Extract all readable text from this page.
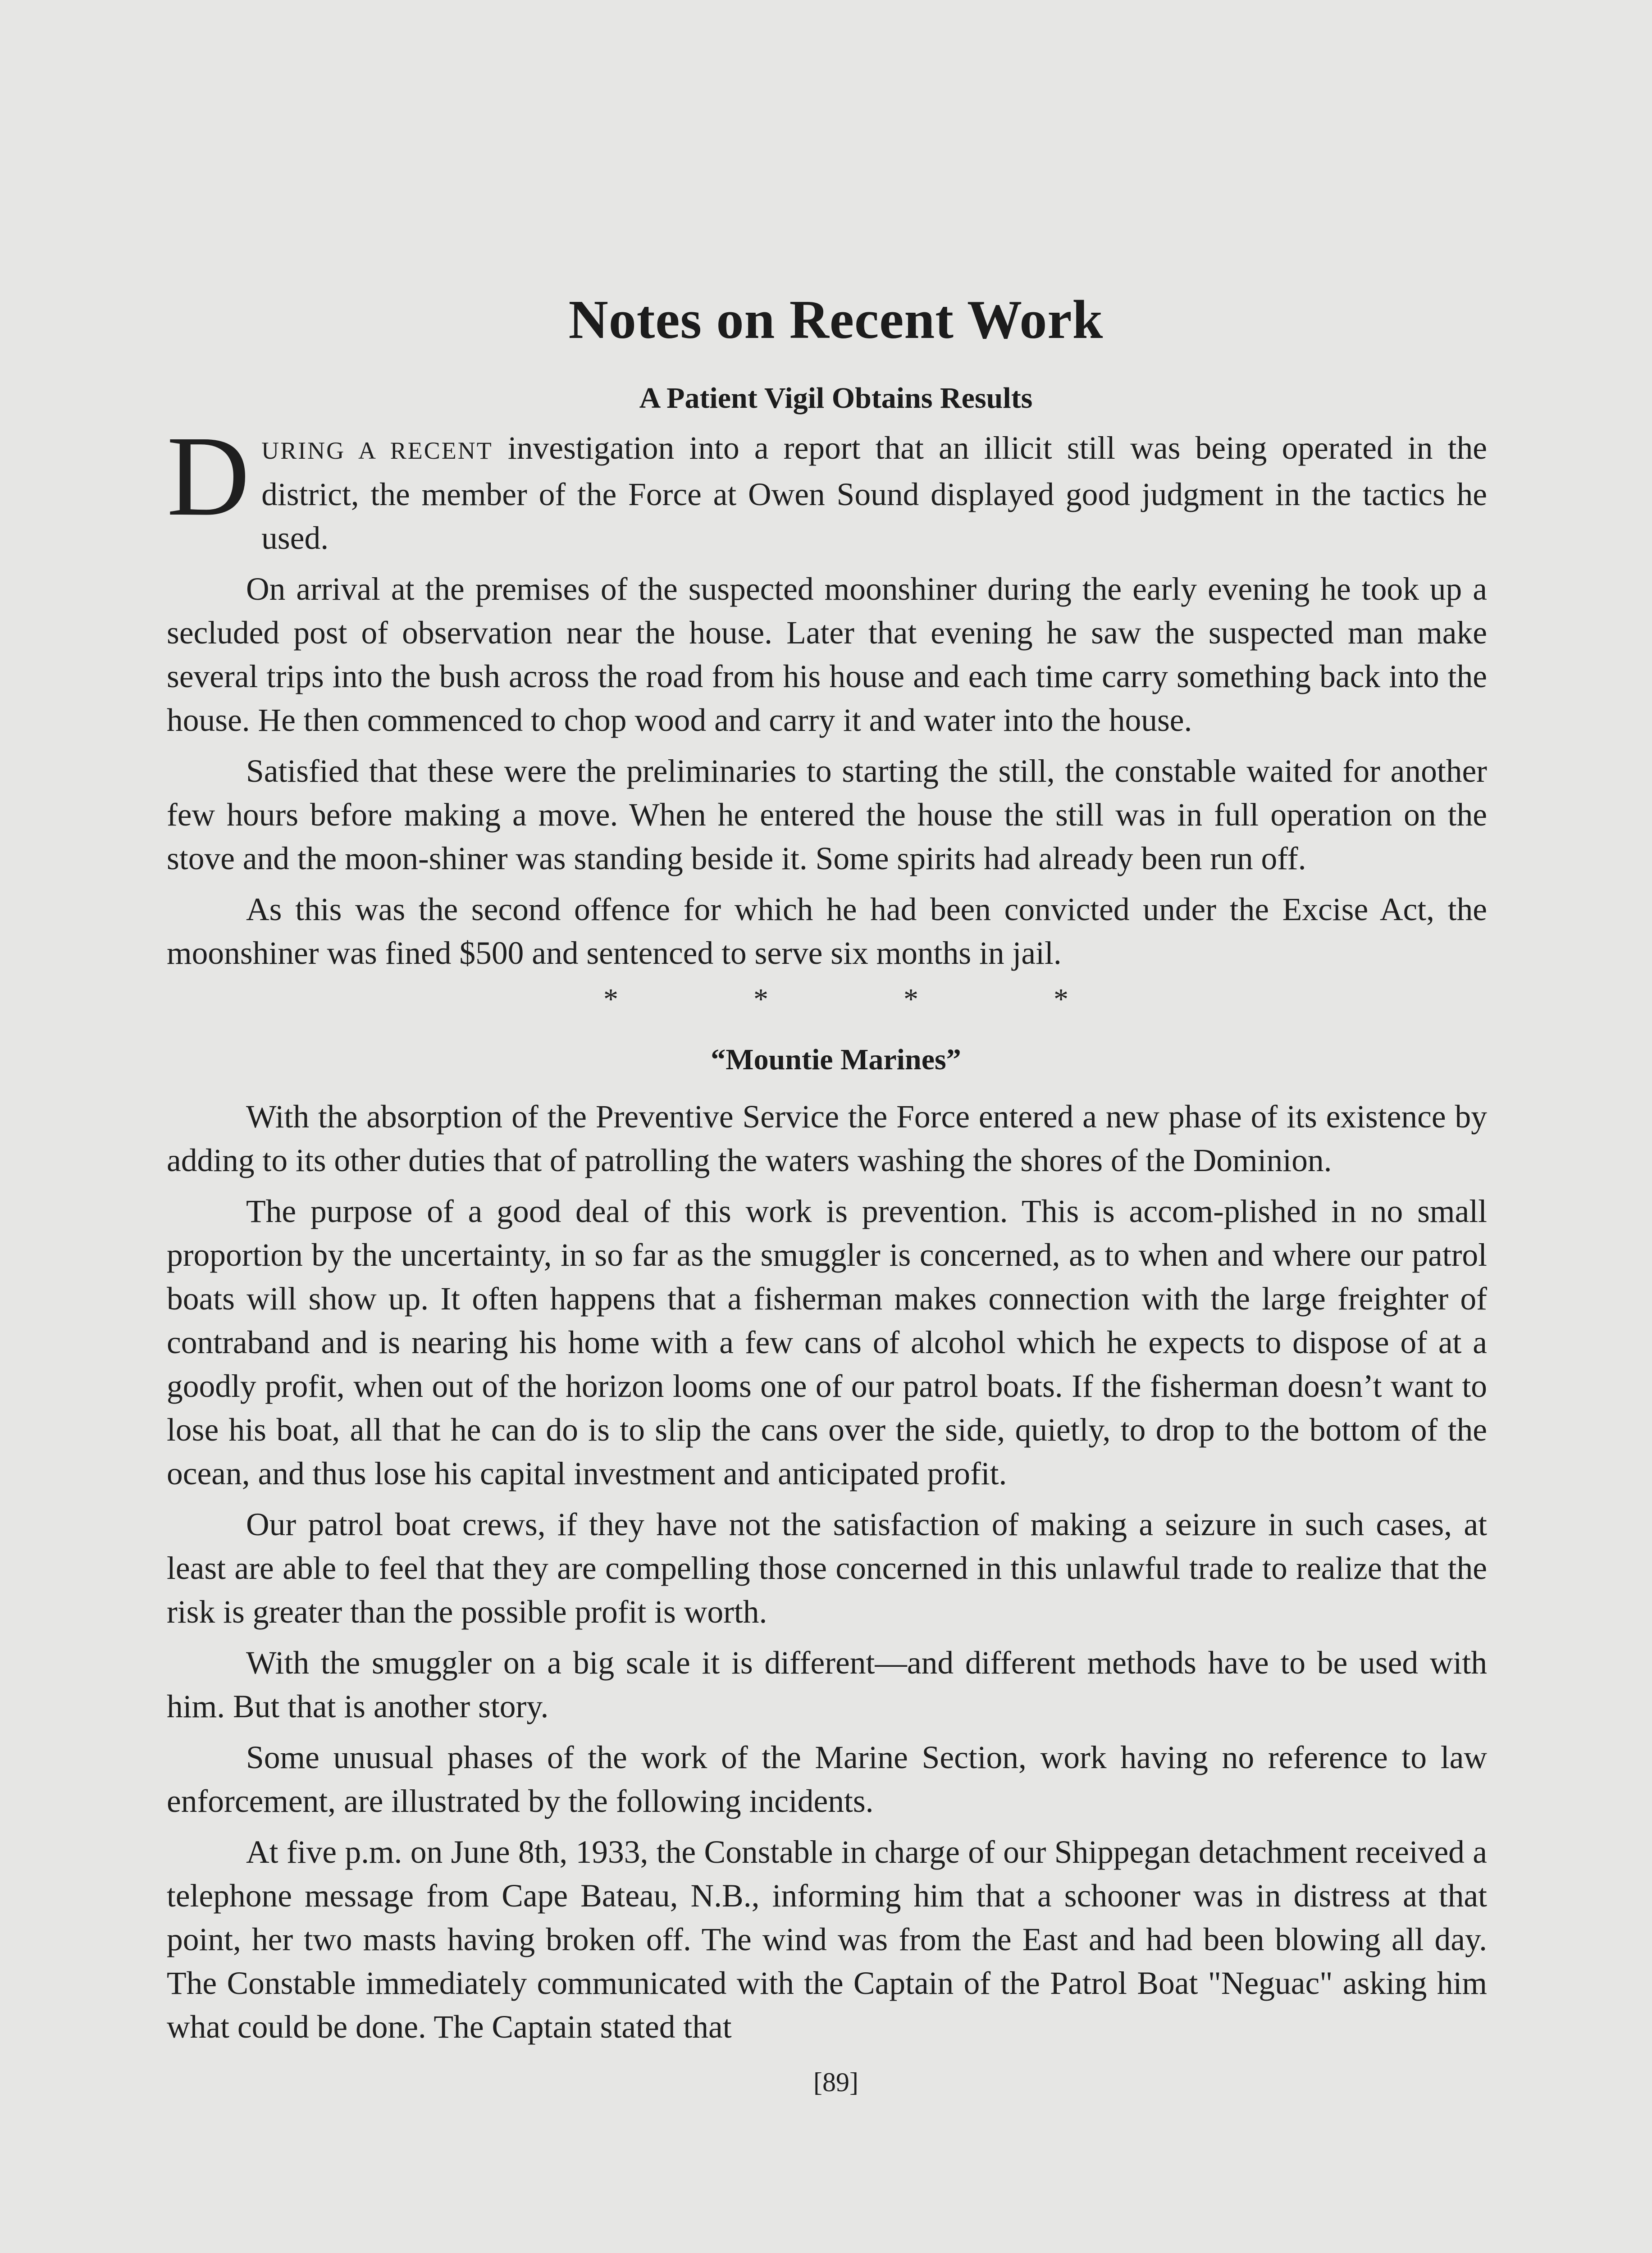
Notes on Recent Work
A Patient Vigil Obtains Results

DURING A RECENT investigation into a report that an illicit still was being operated in the district, the member of the Force at Owen Sound displayed good judgment in the tactics he used.

On arrival at the premises of the suspected moonshiner during the early evening he took up a secluded post of observation near the house. Later that evening he saw the suspected man make several trips into the bush across the road from his house and each time carry something back into the house. He then commenced to chop wood and carry it and water into the house.

Satisfied that these were the preliminaries to starting the still, the constable waited for another few hours before making a move. When he entered the house the still was in full operation on the stove and the moon-shiner was standing beside it. Some spirits had already been run off.

As this was the second offence for which he had been convicted under the Excise Act, the moonshiner was fined $500 and sentenced to serve six months in jail.

*	*	*	*
“Mountie Marines”

With the absorption of the Preventive Service the Force entered a new phase of its existence by adding to its other duties that of patrolling the waters washing the shores of the Dominion.

The purpose of a good deal of this work is prevention. This is accom-plished in no small proportion by the uncertainty, in so far as the smuggler is concerned, as to when and where our patrol boats will show up. It often happens that a fisherman makes connection with the large freighter of contraband and is nearing his home with a few cans of alcohol which he expects to dispose of at a goodly profit, when out of the horizon looms one of our patrol boats. If the fisherman doesn’t want to lose his boat, all that he can do is to slip the cans over the side, quietly, to drop to the bottom of the ocean, and thus lose his capital investment and anticipated profit.

Our patrol boat crews, if they have not the satisfaction of making a seizure in such cases, at least are able to feel that they are compelling those concerned in this unlawful trade to realize that the risk is greater than the possible profit is worth.

With the smuggler on a big scale it is different—and different methods have to be used with him. But that is another story.

Some unusual phases of the work of the Marine Section, work having no reference to law enforcement, are illustrated by the following incidents.

At five p.m. on June 8th, 1933, the Constable in charge of our Shippegan detachment received a telephone message from Cape Bateau, N.B., informing him that a schooner was in distress at that point, her two masts having broken off. The wind was from the East and had been blowing all day. The Constable immediately communicated with the Captain of the Patrol Boat "Neguac" asking him what could be done. The Captain stated that

[89]
